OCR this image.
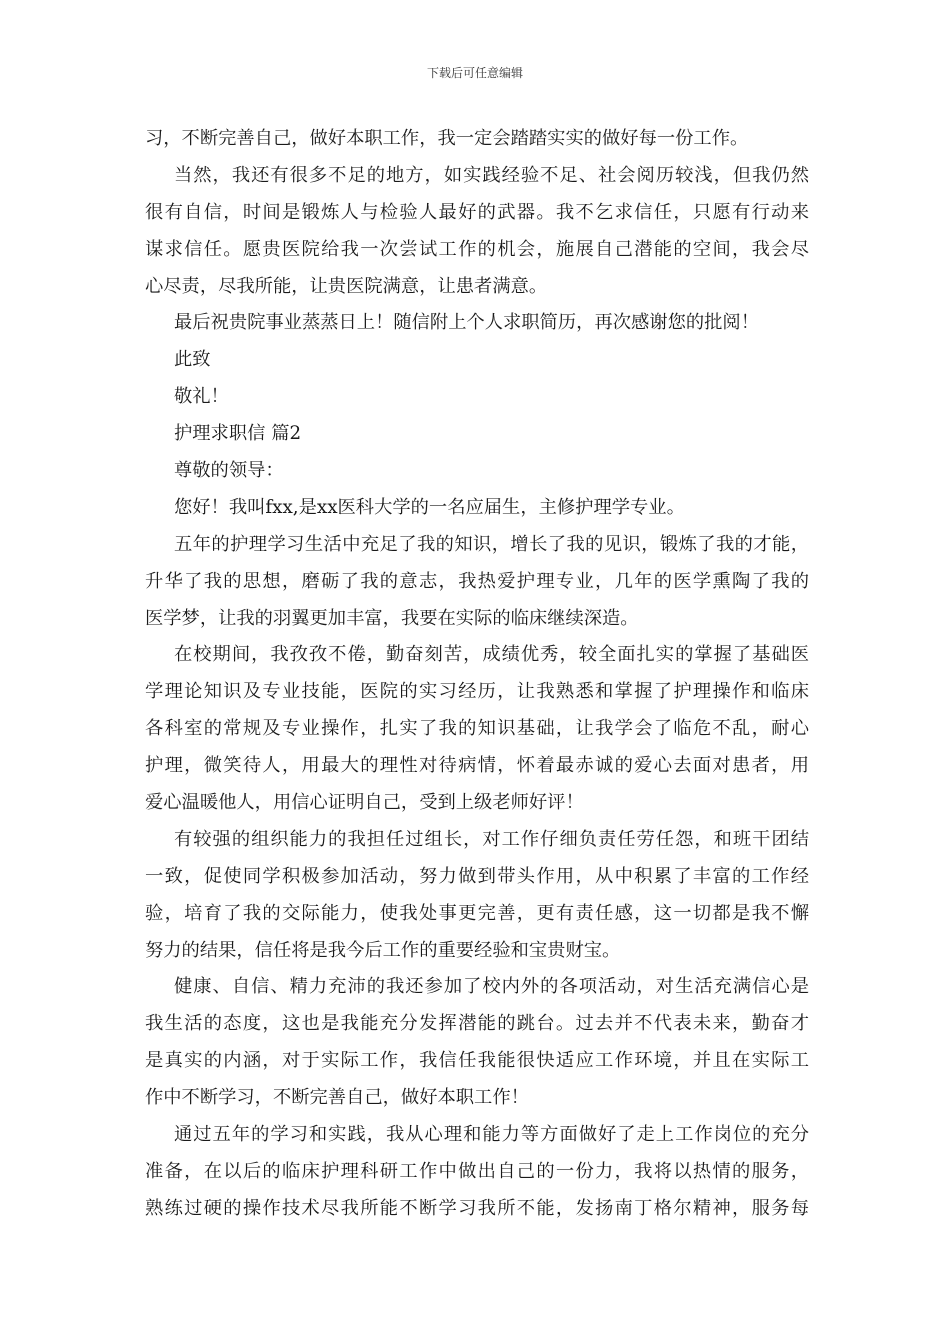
下载后可任意编辑
习，不断完善自己，做好本职工作，我一定会踏踏实实的做好每一份工作。
当然，我还有很多不足的地方，如实践经验不足、社会阅历较浅，但我仍然
很有自信，时间是锻炼人与检验人最好的武器。我不乞求信任，只愿有行动来
谋求信任。愿贵医院给我一次尝试工作的机会，施展自己潜能的空间，我会尽
心尽责，尽我所能，让贵医院满意，让患者满意。
最后祝贵院事业蒸蒸日上！随信附上个人求职简历，再次感谢您的批阅！
此致
敬礼！
护理求职信 篇2
尊敬的领导：
您好！我叫fxx,是xx医科大学的一名应届生，主修护理学专业。
五年的护理学习生活中充足了我的知识，增长了我的见识，锻炼了我的才能，
升华了我的思想，磨砺了我的意志，我热爱护理专业，几年的医学熏陶了我的
医学梦，让我的羽翼更加丰富，我要在实际的临床继续深造。
在校期间，我孜孜不倦，勤奋刻苦，成绩优秀，较全面扎实的掌握了基础医
学理论知识及专业技能，医院的实习经历，让我熟悉和掌握了护理操作和临床
各科室的常规及专业操作，扎实了我的知识基础，让我学会了临危不乱，耐心
护理，微笑待人，用最大的理性对待病情，怀着最赤诚的爱心去面对患者，用
爱心温暖他人，用信心证明自己，受到上级老师好评！
有较强的组织能力的我担任过组长，对工作仔细负责任劳任怨，和班干团结
一致，促使同学积极参加活动，努力做到带头作用，从中积累了丰富的工作经
验，培育了我的交际能力，使我处事更完善，更有责任感，这一切都是我不懈
努力的结果，信任将是我今后工作的重要经验和宝贵财宝。
健康、自信、精力充沛的我还参加了校内外的各项活动，对生活充满信心是
我生活的态度，这也是我能充分发挥潜能的跳台。过去并不代表未来，勤奋才
是真实的内涵，对于实际工作，我信任我能很快适应工作环境，并且在实际工
作中不断学习，不断完善自己，做好本职工作！
通过五年的学习和实践，我从心理和能力等方面做好了走上工作岗位的充分
准备，在以后的临床护理科研工作中做出自己的一份力，我将以热情的服务，
熟练过硬的操作技术尽我所能不断学习我所不能，发扬南丁格尔精神，服务每
